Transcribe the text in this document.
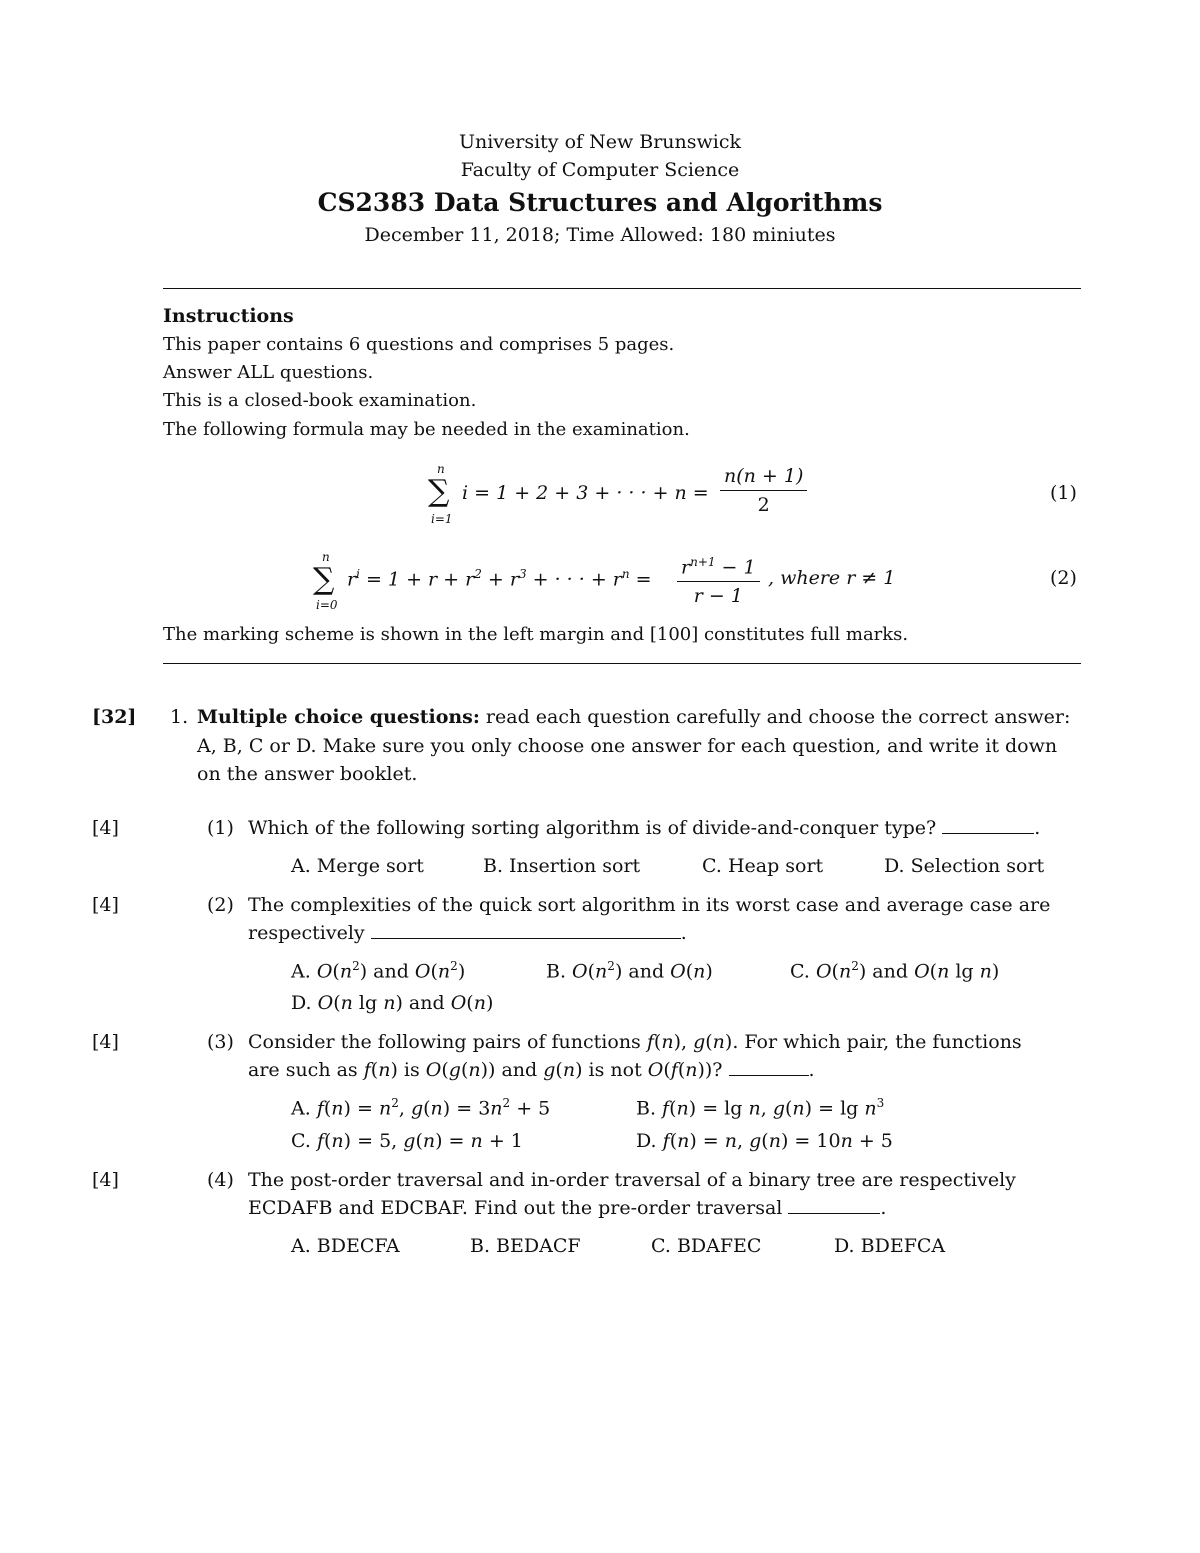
University of New Brunswick
Faculty of Computer Science
CS2383 Data Structures and Algorithms
December 11, 2018; Time Allowed: 180 miniutes
Instructions
This paper contains 6 questions and comprises 5 pages.
Answer ALL questions.
This is a closed-book examination.
The following formula may be needed in the examination.
n
∑
i=1
i = 1 + 2 + 3 + · · · + $n = \frac{n(n + 1)}{2}$	(1)
n
∑
i=0
$r^i = 1 + r + r^2 + r^3$ + · · · + $r^n = \frac{r^{n+1} - 1}{r - 1}$ , where r ≠ 1	(2)
The marking scheme is shown in the left margin and [100] constitutes full marks.
[32] 1. Multiple choice questions: read each question carefully and choose the correct answer:
A, B, C or D. Make sure you only choose one answer for each question, and write it down
on the answer booklet.
[4]	(1) Which of the following sorting algorithm is of divide-and-conquer type?	.
A. Merge sort	B. Insertion sort	C. Heap sort	D. Selection sort
[4]	(2) The complexities of the quick sort algorithm in its worst case and average case are
respectively	.
A. $O(n^2)$ and $O(n^2)$	B. $O(n^2)$ and O(n)	C. $O(n^2)$ and O(n lg n)
D. O(n lg n) and O(n)
[4]	(3) Consider the following pairs of functions f(n), g(n). For which pair, the functions
are such as f(n) is O(g(n)) and g(n) is not O(f(n))?	.
A. $f(n) = n^2$, $g(n) = 3n^2 + 5$	B. f(n) = lg n, $g(n) = \lg n^3$
C. f(n) = 5, g(n) = n + 1	D. f(n) = n, g(n) = 10n + 5
[4]	(4) The post-order traversal and in-order traversal of a binary tree are respectively
ECDAFB and EDCBAF. Find out the pre-order traversal	.
A. BDECFA	B. BEDACF	C. BDAFEC	D. BDEFCA
